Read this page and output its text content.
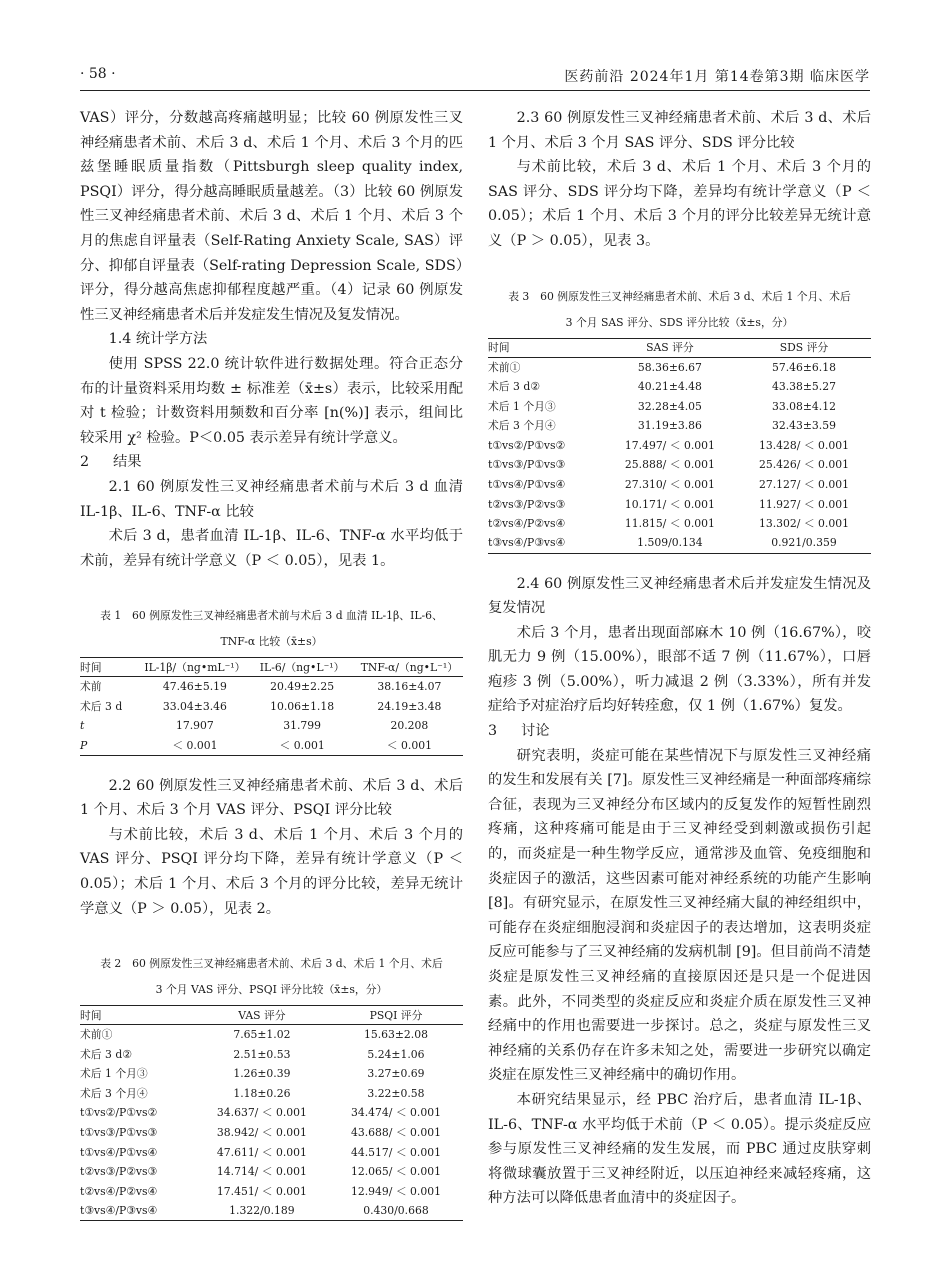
· 58 ·	医药前沿 2024年1月 第14卷第3期 临床医学

VAS）评分，分数越高疼痛越明显；比较 60 例原发性三叉神经痛患者术前、术后 3 d、术后 1 个月、术后 3 个月的匹兹堡睡眠质量指数（Pittsburgh sleep quality index, PSQI）评分，得分越高睡眠质量越差。（3）比较 60 例原发性三叉神经痛患者术前、术后 3 d、术后 1 个月、术后 3 个月的焦虑自评量表（Self-Rating Anxiety Scale, SAS）评分、抑郁自评量表（Self-rating Depression Scale, SDS）评分，得分越高焦虑抑郁程度越严重。（4）记录 60 例原发性三叉神经痛患者术后并发症发生情况及复发情况。

1.4 统计学方法

使用 SPSS 22.0 统计软件进行数据处理。符合正态分布的计量资料采用均数 ± 标准差（x̄±s）表示，比较采用配对 t 检验；计数资料用频数和百分率 [n(%)] 表示，组间比较采用 χ² 检验。P＜0.05 表示差异有统计学意义。

2 结果

2.1 60 例原发性三叉神经痛患者术前与术后 3 d 血清 IL-1β、IL-6、TNF-α 比较

术后 3 d，患者血清 IL-1β、IL-6、TNF-α 水平均低于术前，差异有统计学意义（P ＜ 0.05），见表 1。

表 1　60 例原发性三叉神经痛患者术前与术后 3 d 血清 IL-1β、IL-6、
TNF-α 比较（x̄±s）
时间	IL-1β/（ng•mL⁻¹）	IL-6/（ng•L⁻¹）	TNF-α/（ng•L⁻¹）
术前	47.46±5.19	20.49±2.25	38.16±4.07
术后 3 d	33.04±3.46	10.06±1.18	24.19±3.48
t	17.907	31.799	20.208
P	＜ 0.001	＜ 0.001	＜ 0.001

2.2 60 例原发性三叉神经痛患者术前、术后 3 d、术后 1 个月、术后 3 个月 VAS 评分、PSQI 评分比较

与术前比较，术后 3 d、术后 1 个月、术后 3 个月的 VAS 评分、PSQI 评分均下降，差异有统计学意义（P ＜ 0.05）；术后 1 个月、术后 3 个月的评分比较，差异无统计学意义（P ＞ 0.05），见表 2。

表 2　60 例原发性三叉神经痛患者术前、术后 3 d、术后 1 个月、术后
3 个月 VAS 评分、PSQI 评分比较（x̄±s，分）
时间	VAS 评分	PSQI 评分
术前①	7.65±1.02	15.63±2.08
术后 3 d②	2.51±0.53	5.24±1.06
术后 1 个月③	1.26±0.39	3.27±0.69
术后 3 个月④	1.18±0.26	3.22±0.58
t①vs②/P①vs②	34.637/ ＜ 0.001	34.474/ ＜ 0.001
t①vs③/P①vs③	38.942/ ＜ 0.001	43.688/ ＜ 0.001
t①vs④/P①vs④	47.611/ ＜ 0.001	44.517/ ＜ 0.001
t②vs③/P②vs③	14.714/ ＜ 0.001	12.065/ ＜ 0.001
t②vs④/P②vs④	17.451/ ＜ 0.001	12.949/ ＜ 0.001
t③vs④/P③vs④	1.322/0.189	0.430/0.668

2.3 60 例原发性三叉神经痛患者术前、术后 3 d、术后 1 个月、术后 3 个月 SAS 评分、SDS 评分比较

与术前比较，术后 3 d、术后 1 个月、术后 3 个月的 SAS 评分、SDS 评分均下降，差异均有统计学意义（P ＜ 0.05）；术后 1 个月、术后 3 个月的评分比较差异无统计意义（P ＞ 0.05），见表 3。

表 3　60 例原发性三叉神经痛患者术前、术后 3 d、术后 1 个月、术后
3 个月 SAS 评分、SDS 评分比较（x̄±s，分）
时间	SAS 评分	SDS 评分
术前①	58.36±6.67	57.46±6.18
术后 3 d②	40.21±4.48	43.38±5.27
术后 1 个月③	32.28±4.05	33.08±4.12
术后 3 个月④	31.19±3.86	32.43±3.59
t①vs②/P①vs②	17.497/ ＜ 0.001	13.428/ ＜ 0.001
t①vs③/P①vs③	25.888/ ＜ 0.001	25.426/ ＜ 0.001
t①vs④/P①vs④	27.310/ ＜ 0.001	27.127/ ＜ 0.001
t②vs③/P②vs③	10.171/ ＜ 0.001	11.927/ ＜ 0.001
t②vs④/P②vs④	11.815/ ＜ 0.001	13.302/ ＜ 0.001
t③vs④/P③vs④	1.509/0.134	0.921/0.359

2.4 60 例原发性三叉神经痛患者术后并发症发生情况及复发情况

术后 3 个月，患者出现面部麻木 10 例（16.67%），咬肌无力 9 例（15.00%），眼部不适 7 例（11.67%），口唇疱疹 3 例（5.00%），听力减退 2 例（3.33%），所有并发症给予对症治疗后均好转痊愈，仅 1 例（1.67%）复发。

3 讨论

研究表明，炎症可能在某些情况下与原发性三叉神经痛的发生和发展有关 [7]。原发性三叉神经痛是一种面部疼痛综合征，表现为三叉神经分布区域内的反复发作的短暂性剧烈疼痛，这种疼痛可能是由于三叉神经受到刺激或损伤引起的，而炎症是一种生物学反应，通常涉及血管、免疫细胞和炎症因子的激活，这些因素可能对神经系统的功能产生影响 [8]。有研究显示，在原发性三叉神经痛大鼠的神经组织中，可能存在炎症细胞浸润和炎症因子的表达增加，这表明炎症反应可能参与了三叉神经痛的发病机制 [9]。但目前尚不清楚炎症是原发性三叉神经痛的直接原因还是只是一个促进因素。此外，不同类型的炎症反应和炎症介质在原发性三叉神经痛中的作用也需要进一步探讨。总之，炎症与原发性三叉神经痛的关系仍存在许多未知之处，需要进一步研究以确定炎症在原发性三叉神经痛中的确切作用。

本研究结果显示，经 PBC 治疗后，患者血清 IL-1β、IL-6、TNF-α 水平均低于术前（P ＜ 0.05）。提示炎症反应参与原发性三叉神经痛的发生发展，而 PBC 通过皮肤穿刺将微球囊放置于三叉神经附近，以压迫神经来减轻疼痛，这种方法可以降低患者血清中的炎症因子。
